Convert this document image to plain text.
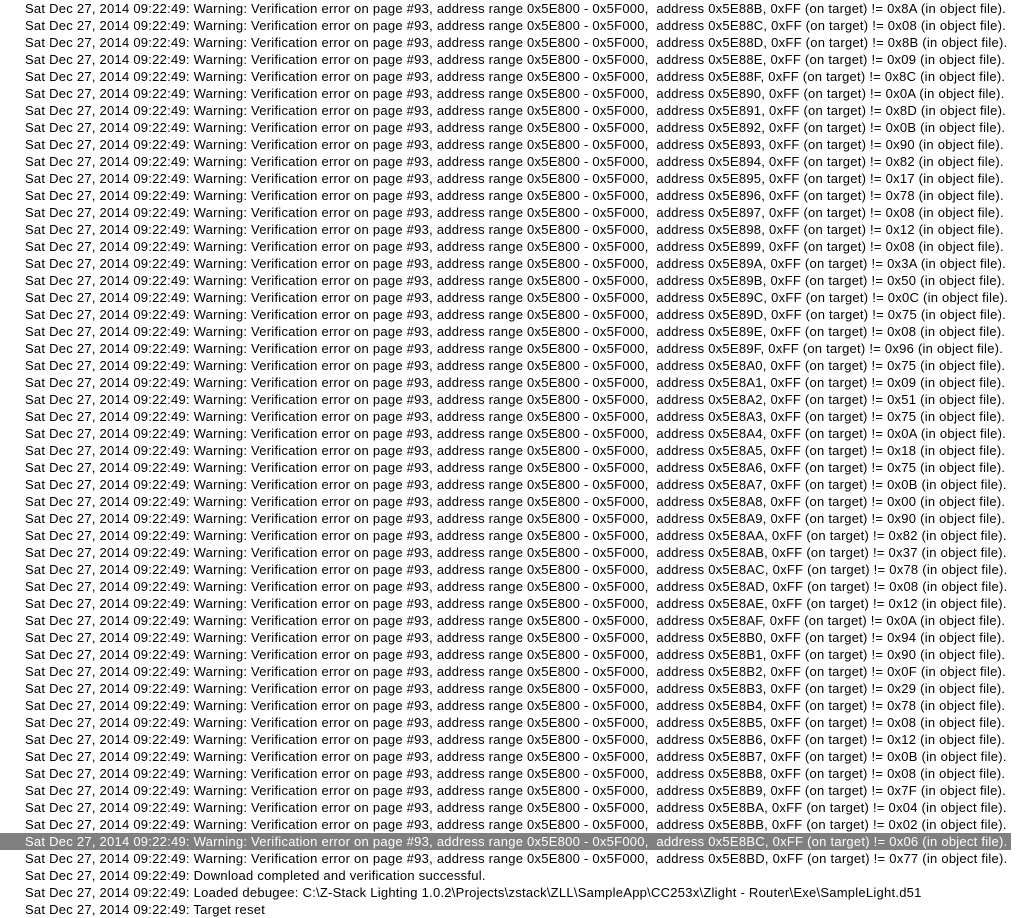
Sat Dec 27, 2014 09:22:49: Warning: Verification error on page #93, address range 0x5E800 - 0x5F000,  address 0x5E88B, 0xFF (on target) != 0x8A (in object file).
Sat Dec 27, 2014 09:22:49: Warning: Verification error on page #93, address range 0x5E800 - 0x5F000,  address 0x5E88C, 0xFF (on target) != 0x08 (in object file).
Sat Dec 27, 2014 09:22:49: Warning: Verification error on page #93, address range 0x5E800 - 0x5F000,  address 0x5E88D, 0xFF (on target) != 0x8B (in object file).
Sat Dec 27, 2014 09:22:49: Warning: Verification error on page #93, address range 0x5E800 - 0x5F000,  address 0x5E88E, 0xFF (on target) != 0x09 (in object file).
Sat Dec 27, 2014 09:22:49: Warning: Verification error on page #93, address range 0x5E800 - 0x5F000,  address 0x5E88F, 0xFF (on target) != 0x8C (in object file).
Sat Dec 27, 2014 09:22:49: Warning: Verification error on page #93, address range 0x5E800 - 0x5F000,  address 0x5E890, 0xFF (on target) != 0x0A (in object file).
Sat Dec 27, 2014 09:22:49: Warning: Verification error on page #93, address range 0x5E800 - 0x5F000,  address 0x5E891, 0xFF (on target) != 0x8D (in object file).
Sat Dec 27, 2014 09:22:49: Warning: Verification error on page #93, address range 0x5E800 - 0x5F000,  address 0x5E892, 0xFF (on target) != 0x0B (in object file).
Sat Dec 27, 2014 09:22:49: Warning: Verification error on page #93, address range 0x5E800 - 0x5F000,  address 0x5E893, 0xFF (on target) != 0x90 (in object file).
Sat Dec 27, 2014 09:22:49: Warning: Verification error on page #93, address range 0x5E800 - 0x5F000,  address 0x5E894, 0xFF (on target) != 0x82 (in object file).
Sat Dec 27, 2014 09:22:49: Warning: Verification error on page #93, address range 0x5E800 - 0x5F000,  address 0x5E895, 0xFF (on target) != 0x17 (in object file).
Sat Dec 27, 2014 09:22:49: Warning: Verification error on page #93, address range 0x5E800 - 0x5F000,  address 0x5E896, 0xFF (on target) != 0x78 (in object file).
Sat Dec 27, 2014 09:22:49: Warning: Verification error on page #93, address range 0x5E800 - 0x5F000,  address 0x5E897, 0xFF (on target) != 0x08 (in object file).
Sat Dec 27, 2014 09:22:49: Warning: Verification error on page #93, address range 0x5E800 - 0x5F000,  address 0x5E898, 0xFF (on target) != 0x12 (in object file).
Sat Dec 27, 2014 09:22:49: Warning: Verification error on page #93, address range 0x5E800 - 0x5F000,  address 0x5E899, 0xFF (on target) != 0x08 (in object file).
Sat Dec 27, 2014 09:22:49: Warning: Verification error on page #93, address range 0x5E800 - 0x5F000,  address 0x5E89A, 0xFF (on target) != 0x3A (in object file).
Sat Dec 27, 2014 09:22:49: Warning: Verification error on page #93, address range 0x5E800 - 0x5F000,  address 0x5E89B, 0xFF (on target) != 0x50 (in object file).
Sat Dec 27, 2014 09:22:49: Warning: Verification error on page #93, address range 0x5E800 - 0x5F000,  address 0x5E89C, 0xFF (on target) != 0x0C (in object file).
Sat Dec 27, 2014 09:22:49: Warning: Verification error on page #93, address range 0x5E800 - 0x5F000,  address 0x5E89D, 0xFF (on target) != 0x75 (in object file).
Sat Dec 27, 2014 09:22:49: Warning: Verification error on page #93, address range 0x5E800 - 0x5F000,  address 0x5E89E, 0xFF (on target) != 0x08 (in object file).
Sat Dec 27, 2014 09:22:49: Warning: Verification error on page #93, address range 0x5E800 - 0x5F000,  address 0x5E89F, 0xFF (on target) != 0x96 (in object file).
Sat Dec 27, 2014 09:22:49: Warning: Verification error on page #93, address range 0x5E800 - 0x5F000,  address 0x5E8A0, 0xFF (on target) != 0x75 (in object file).
Sat Dec 27, 2014 09:22:49: Warning: Verification error on page #93, address range 0x5E800 - 0x5F000,  address 0x5E8A1, 0xFF (on target) != 0x09 (in object file).
Sat Dec 27, 2014 09:22:49: Warning: Verification error on page #93, address range 0x5E800 - 0x5F000,  address 0x5E8A2, 0xFF (on target) != 0x51 (in object file).
Sat Dec 27, 2014 09:22:49: Warning: Verification error on page #93, address range 0x5E800 - 0x5F000,  address 0x5E8A3, 0xFF (on target) != 0x75 (in object file).
Sat Dec 27, 2014 09:22:49: Warning: Verification error on page #93, address range 0x5E800 - 0x5F000,  address 0x5E8A4, 0xFF (on target) != 0x0A (in object file).
Sat Dec 27, 2014 09:22:49: Warning: Verification error on page #93, address range 0x5E800 - 0x5F000,  address 0x5E8A5, 0xFF (on target) != 0x18 (in object file).
Sat Dec 27, 2014 09:22:49: Warning: Verification error on page #93, address range 0x5E800 - 0x5F000,  address 0x5E8A6, 0xFF (on target) != 0x75 (in object file).
Sat Dec 27, 2014 09:22:49: Warning: Verification error on page #93, address range 0x5E800 - 0x5F000,  address 0x5E8A7, 0xFF (on target) != 0x0B (in object file).
Sat Dec 27, 2014 09:22:49: Warning: Verification error on page #93, address range 0x5E800 - 0x5F000,  address 0x5E8A8, 0xFF (on target) != 0x00 (in object file).
Sat Dec 27, 2014 09:22:49: Warning: Verification error on page #93, address range 0x5E800 - 0x5F000,  address 0x5E8A9, 0xFF (on target) != 0x90 (in object file).
Sat Dec 27, 2014 09:22:49: Warning: Verification error on page #93, address range 0x5E800 - 0x5F000,  address 0x5E8AA, 0xFF (on target) != 0x82 (in object file).
Sat Dec 27, 2014 09:22:49: Warning: Verification error on page #93, address range 0x5E800 - 0x5F000,  address 0x5E8AB, 0xFF (on target) != 0x37 (in object file).
Sat Dec 27, 2014 09:22:49: Warning: Verification error on page #93, address range 0x5E800 - 0x5F000,  address 0x5E8AC, 0xFF (on target) != 0x78 (in object file).
Sat Dec 27, 2014 09:22:49: Warning: Verification error on page #93, address range 0x5E800 - 0x5F000,  address 0x5E8AD, 0xFF (on target) != 0x08 (in object file).
Sat Dec 27, 2014 09:22:49: Warning: Verification error on page #93, address range 0x5E800 - 0x5F000,  address 0x5E8AE, 0xFF (on target) != 0x12 (in object file).
Sat Dec 27, 2014 09:22:49: Warning: Verification error on page #93, address range 0x5E800 - 0x5F000,  address 0x5E8AF, 0xFF (on target) != 0x0A (in object file).
Sat Dec 27, 2014 09:22:49: Warning: Verification error on page #93, address range 0x5E800 - 0x5F000,  address 0x5E8B0, 0xFF (on target) != 0x94 (in object file).
Sat Dec 27, 2014 09:22:49: Warning: Verification error on page #93, address range 0x5E800 - 0x5F000,  address 0x5E8B1, 0xFF (on target) != 0x90 (in object file).
Sat Dec 27, 2014 09:22:49: Warning: Verification error on page #93, address range 0x5E800 - 0x5F000,  address 0x5E8B2, 0xFF (on target) != 0x0F (in object file).
Sat Dec 27, 2014 09:22:49: Warning: Verification error on page #93, address range 0x5E800 - 0x5F000,  address 0x5E8B3, 0xFF (on target) != 0x29 (in object file).
Sat Dec 27, 2014 09:22:49: Warning: Verification error on page #93, address range 0x5E800 - 0x5F000,  address 0x5E8B4, 0xFF (on target) != 0x78 (in object file).
Sat Dec 27, 2014 09:22:49: Warning: Verification error on page #93, address range 0x5E800 - 0x5F000,  address 0x5E8B5, 0xFF (on target) != 0x08 (in object file).
Sat Dec 27, 2014 09:22:49: Warning: Verification error on page #93, address range 0x5E800 - 0x5F000,  address 0x5E8B6, 0xFF (on target) != 0x12 (in object file).
Sat Dec 27, 2014 09:22:49: Warning: Verification error on page #93, address range 0x5E800 - 0x5F000,  address 0x5E8B7, 0xFF (on target) != 0x0B (in object file).
Sat Dec 27, 2014 09:22:49: Warning: Verification error on page #93, address range 0x5E800 - 0x5F000,  address 0x5E8B8, 0xFF (on target) != 0x08 (in object file).
Sat Dec 27, 2014 09:22:49: Warning: Verification error on page #93, address range 0x5E800 - 0x5F000,  address 0x5E8B9, 0xFF (on target) != 0x7F (in object file).
Sat Dec 27, 2014 09:22:49: Warning: Verification error on page #93, address range 0x5E800 - 0x5F000,  address 0x5E8BA, 0xFF (on target) != 0x04 (in object file).
Sat Dec 27, 2014 09:22:49: Warning: Verification error on page #93, address range 0x5E800 - 0x5F000,  address 0x5E8BB, 0xFF (on target) != 0x02 (in object file).
Sat Dec 27, 2014 09:22:49: Warning: Verification error on page #93, address range 0x5E800 - 0x5F000,  address 0x5E8BC, 0xFF (on target) != 0x06 (in object file).
Sat Dec 27, 2014 09:22:49: Warning: Verification error on page #93, address range 0x5E800 - 0x5F000,  address 0x5E8BD, 0xFF (on target) != 0x77 (in object file).
Sat Dec 27, 2014 09:22:49: Download completed and verification successful.
Sat Dec 27, 2014 09:22:49: Loaded debugee: C:\Z-Stack Lighting 1.0.2\Projects\zstack\ZLL\SampleApp\CC253x\Zlight - Router\Exe\SampleLight.d51
Sat Dec 27, 2014 09:22:49: Target reset
